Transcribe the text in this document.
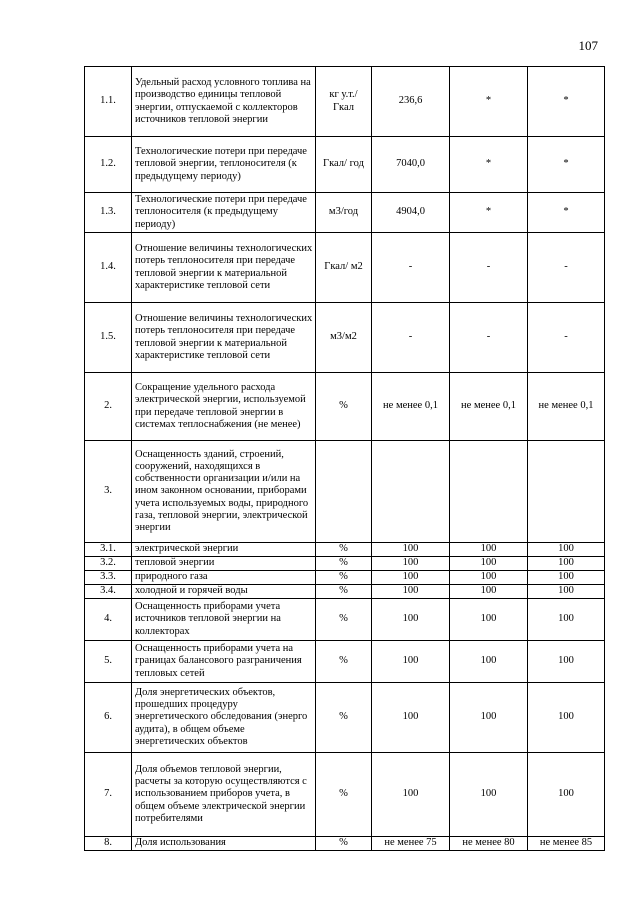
107
1.1.	Удельный расход условного топлива на производство единицы тепловой энергии, отпускаемой с коллекторов источников тепловой энергии	кг у.т./ Гкал	236,6	*	*
1.2.	Технологические потери при передаче тепловой энергии, теплоносителя (к предыдущему периоду)	Гкал/ год	7040,0	*	*
1.3.	Технологические потери при передаче теплоносителя (к предыдущему периоду)	м3/год	4904,0	*	*
1.4.	Отношение величины технологических потерь теплоносителя при передаче тепловой энергии к материальной характеристике тепловой сети	Гкал/ м2	-	-	-
1.5.	Отношение величины технологических потерь теплоносителя при передаче тепловой энергии к материальной характеристике тепловой сети	м3/м2	-	-	-
2.	Сокращение удельного расхода электрической энергии, используемой при передаче тепловой энергии в системах теплоснабжения (не менее)	%	не менее 0,1	не менее 0,1	не менее 0,1
3.	Оснащенность зданий, строений, сооружений, находящихся в собственности организации и/или на ином законном основании, приборами учета используемых воды, природного газа, тепловой энергии, электрической энергии				
3.1.	электрической энергии	%	100	100	100
3.2.	тепловой энергии	%	100	100	100
3.3.	природного газа	%	100	100	100
3.4.	холодной и горячей воды	%	100	100	100
4.	Оснащенность приборами учета источников тепловой энергии на коллекторах	%	100	100	100
5.	Оснащенность приборами учета на границах балансового разграничения тепловых сетей	%	100	100	100
6.	Доля энергетических объектов, прошедших процедуру энергетического обследования (энерго аудита), в общем объеме энергетических объектов	%	100	100	100
7.	Доля объемов тепловой энергии, расчеты за которую осуществляются с использованием приборов учета, в общем объеме электрической энергии потребителями	%	100	100	100
8.	Доля использования	%	не менее 75	не менее 80	не менее 85
